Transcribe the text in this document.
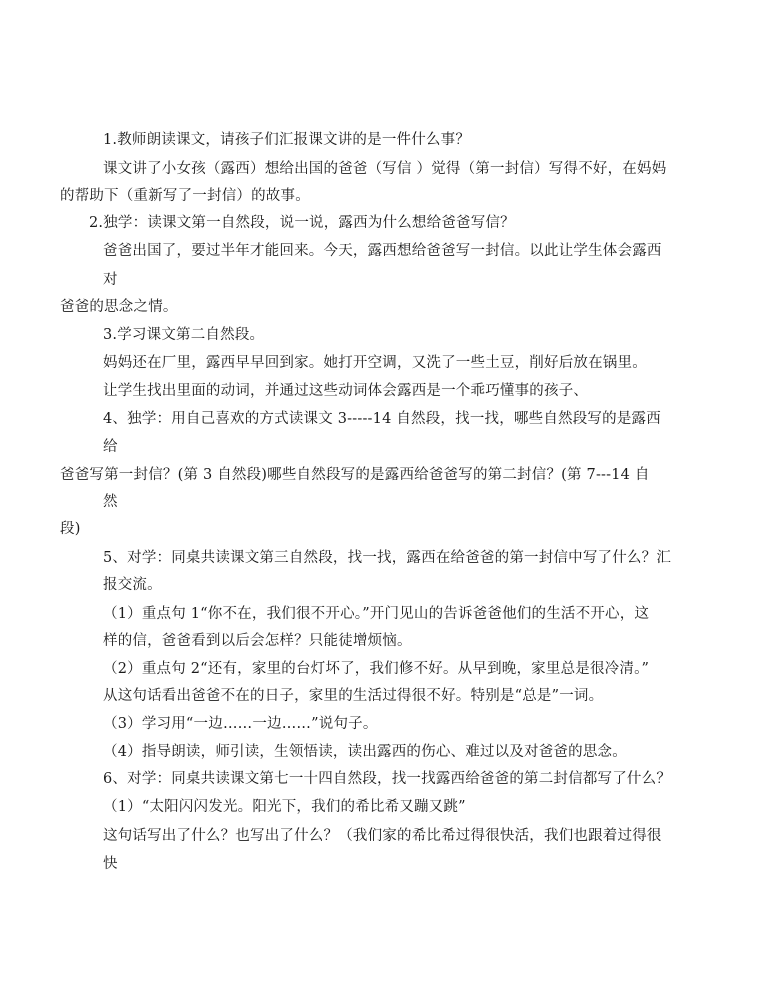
1.教师朗读课文，请孩子们汇报课文讲的是一件什么事？
课文讲了小女孩（露西）想给出国的爸爸（写信 ）觉得（第一封信）写得不好，在妈妈
的帮助下（重新写了一封信）的故事。
2.独学：读课文第一自然段，说一说，露西为什么想给爸爸写信？
爸爸出国了，要过半年才能回来。今天，露西想给爸爸写一封信。以此让学生体会露西
对
爸爸的思念之情。
3.学习课文第二自然段。
妈妈还在厂里，露西早早回到家。她打开空调，又洗了一些土豆，削好后放在锅里。
让学生找出里面的动词，并通过这些动词体会露西是一个乖巧懂事的孩子、
4、独学：用自己喜欢的方式读课文 3-----14 自然段，找一找，哪些自然段写的是露西
给
爸爸写第一封信？(第 3 自然段)哪些自然段写的是露西给爸爸写的第二封信？(第 7---14 自
然
段)
5、对学：同桌共读课文第三自然段，找一找，露西在给爸爸的第一封信中写了什么？汇
报交流。
（1）重点句 1“你不在，我们很不开心。”开门见山的告诉爸爸他们的生活不开心，这
样的信，爸爸看到以后会怎样？只能徒增烦恼。
（2）重点句 2“还有，家里的台灯坏了，我们修不好。从早到晚，家里总是很冷清。”
从这句话看出爸爸不在的日子，家里的生活过得很不好。特别是“总是”一词。
（3）学习用“一边……一边……”说句子。
（4）指导朗读，师引读，生领悟读，读出露西的伤心、难过以及对爸爸的思念。
6、对学：同桌共读课文第七一十四自然段，找一找露西给爸爸的第二封信都写了什么？
（1）“太阳闪闪发光。阳光下，我们的希比希又蹦又跳”
这句话写出了什么？也写出了什么？（我们家的希比希过得很快活，我们也跟着过得很
快
